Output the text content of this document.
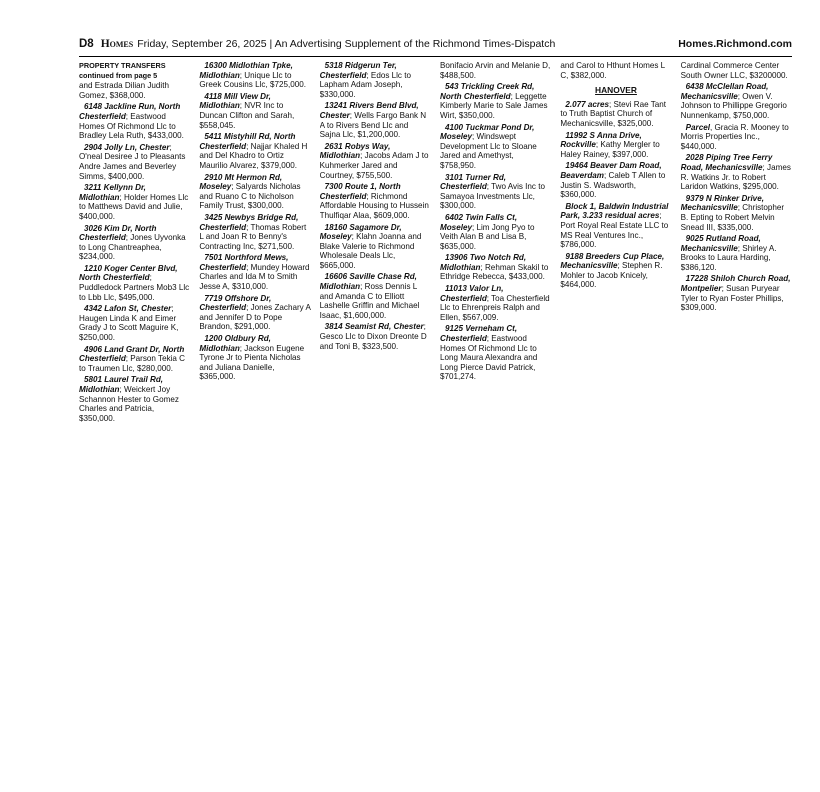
D8 Homes Friday, September 26, 2025 | An Advertising Supplement of the Richmond Times-Dispatch	Homes.Richmond.com
PROPERTY TRANSFERS continued from page 5
and Estrada Dilian Judith Gomez, $368,000.
6148 Jackline Run, North Chesterfield; Eastwood Homes Of Richmond Llc to Bradley Lela Ruth, $433,000.
2904 Jolly Ln, Chester; O'neal Desiree J to Pleasants Andre James and Beverley Simms, $400,000.
3211 Kellynn Dr, Midlothian; Holder Homes Llc to Matthews David and Julie, $400,000.
3026 Kim Dr, North Chesterfield; Jones Uyvonka to Long Chantreaphea, $234,000.
1210 Koger Center Blvd, North Chesterfield; Puddledock Partners Mob3 Llc to Lbb Llc, $495,000.
4342 Lafon St, Chester; Haugen Linda K and Eimer Grady J to Scott Maguire K, $250,000.
4906 Land Grant Dr, North Chesterfield; Parson Tekia C to Traumen Llc, $280,000.
5801 Laurel Trail Rd, Midlothian; Weickert Joy Schannon Hester to Gomez Charles and Patricia, $350,000.
16300 Midlothian Tpke, Midlothian; Unique Llc to Greek Cousins Llc, $725,000.
4118 Mill View Dr, Midlothian; NVR Inc to Duncan Clifton and Sarah, $558,045.
5411 Mistyhill Rd, North Chesterfield; Najjar Khaled H and Del Khadro to Ortiz Maurilio Alvarez, $379,000.
2910 Mt Hermon Rd, Moseley; Salyards Nicholas and Ruano C to Nicholson Family Trust, $300,000.
3425 Newbys Bridge Rd, Chesterfield; Thomas Robert L and Joan R to Benny's Contracting Inc, $271,500.
7501 Northford Mews, Chesterfield; Mundey Howard Charles and Ida M to Smith Jesse A, $310,000.
7719 Offshore Dr, Chesterfield; Jones Zachary A and Jennifer D to Pope Brandon, $291,000.
1200 Oldbury Rd, Midlothian; Jackson Eugene Tyrone Jr to Pienta Nicholas and Juliana Danielle, $365,000.
5318 Ridgerun Ter, Chesterfield; Edos Llc to Lapham Adam Joseph, $330,000.
13241 Rivers Bend Blvd, Chester; Wells Fargo Bank N A to Rivers Bend Llc and Sajna Llc, $1,200,000.
2631 Robys Way, Midlothian; Jacobs Adam J to Kuhmerker Jared and Courtney, $755,500.
7300 Route 1, North Chesterfield; Richmond Affordable Housing to Hussein Thulfiqar Alaa, $609,000.
18160 Sagamore Dr, Moseley; Klahn Joanna and Blake Valerie to Richmond Wholesale Deals Llc, $665,000.
16606 Saville Chase Rd, Midlothian; Ross Dennis L and Amanda C to Elliott Lashelle Griffin and Michael Isaac, $1,600,000.
3814 Seamist Rd, Chester; Gesco Llc to Dixon Dreonte D and Toni B, $323,500.
Bonifacio Arvin and Melanie D, $488,500.
543 Trickling Creek Rd, North Chesterfield; Leggette Kimberly Marie to Sale James Wirt, $350,000.
4100 Tuckmar Pond Dr, Moseley; Windswept Development Llc to Sloane Jared and Amethyst, $758,950.
3101 Turner Rd, Chesterfield; Two Avis Inc to Samayoa Investments Llc, $300,000.
6402 Twin Falls Ct, Moseley; Lim Jong Pyo to Veith Alan B and Lisa B, $635,000.
13906 Two Notch Rd, Midlothian; Rehman Skakil to Ethridge Rebecca, $433,000.
11013 Valor Ln, Chesterfield; Toa Chesterfield Llc to Ehrenpreis Ralph and Ellen, $567,009.
9125 Verneham Ct, Chesterfield; Eastwood Homes Of Richmond Llc to Long Maura Alexandra and Long Pierce David Patrick, $701,274.
and Carol to Hthunt Homes L C, $382,000.
HANOVER
2.077 acres; Stevi Rae Tant to Truth Baptist Church of Mechanicsville, $325,000.
11992 S Anna Drive, Rockville; Kathy Mergler to Haley Rainey, $397,000.
19464 Beaver Dam Road, Beaverdam; Caleb T Allen to Justin S. Wadsworth, $360,000.
Block 1, Baldwin Industrial Park, 3.233 residual acres; Port Royal Real Estate LLC to MS Real Ventures Inc., $786,000.
9188 Breeders Cup Place, Mechanicsville; Stephen R. Mohler to Jacob Knicely, $464,000.
Cardinal Commerce Center South Owner LLC, $3200000.
6438 McClellan Road, Mechanicsville; Owen V. Johnson to Phillippe Gregorio Nunnenkamp, $750,000.
Parcel, Gracia R. Mooney to Morris Properties Inc., $440,000.
2028 Piping Tree Ferry Road, Mechanicsville; James R. Watkins Jr. to Robert Laridon Watkins, $295,000.
9379 N Rinker Drive, Mechanicsville; Christopher B. Epting to Robert Melvin Snead III, $335,000.
9025 Rutland Road, Mechanicsville; Shirley A. Brooks to Laura Harding, $386,120.
17228 Shiloh Church Road, Montpelier; Susan Puryear Tyler to Ryan Foster Phillips, $309,000.
